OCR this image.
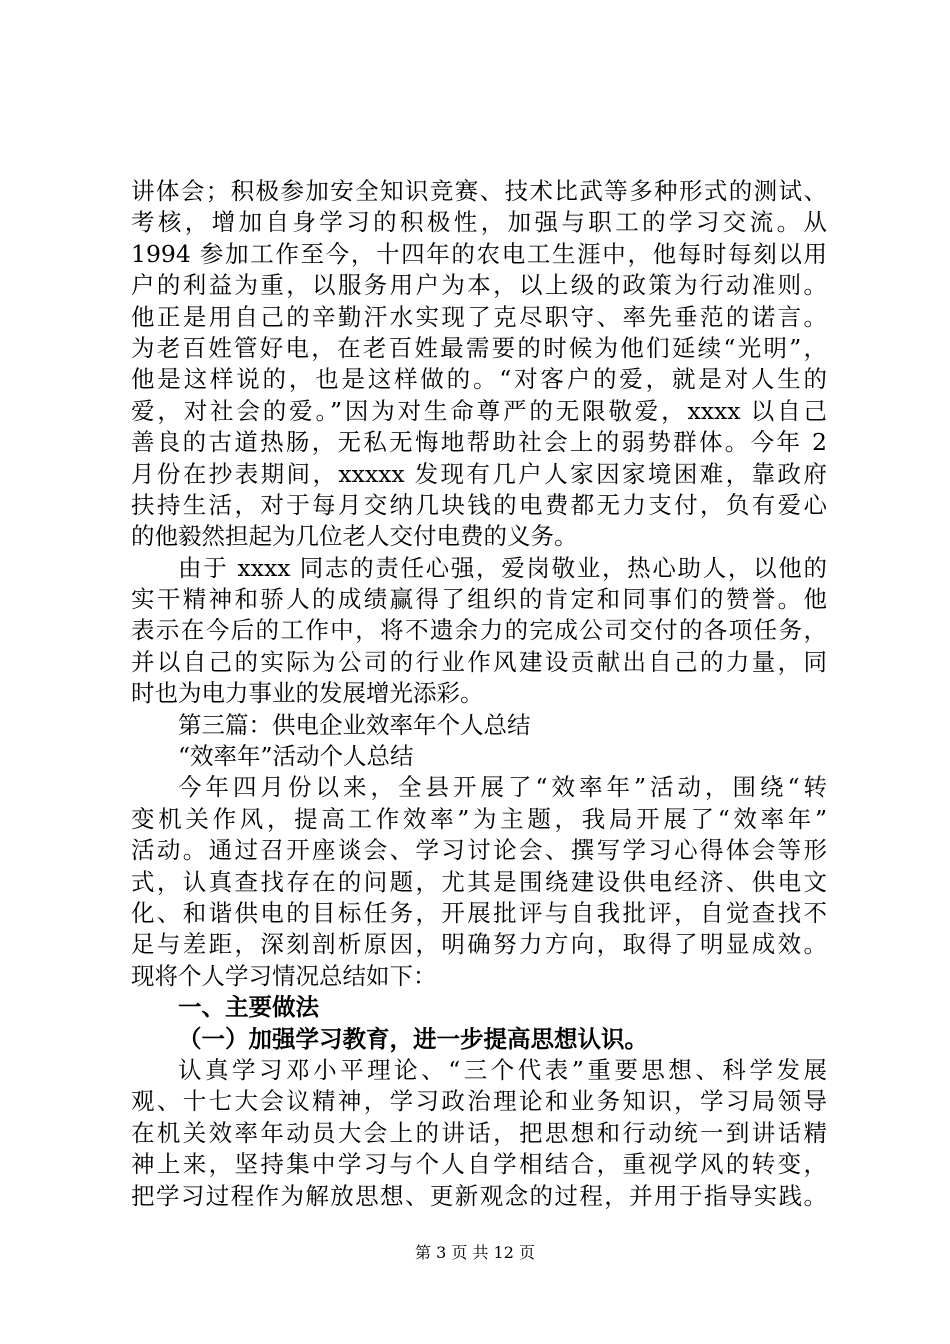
讲体会；积极参加安全知识竞赛、技术比武等多种形式的测试、
考核，增加自身学习的积极性，加强与职工的学习交流。从
1994 参加工作至今，十四年的农电工生涯中，他每时每刻以用
户的利益为重，以服务用户为本，以上级的政策为行动准则。
他正是用自己的辛勤汗水实现了克尽职守、率先垂范的诺言。
为老百姓管好电，在老百姓最需要的时候为他们延续“光明”，
他是这样说的，也是这样做的。“对客户的爱，就是对人生的
爱，对社会的爱。”因为对生命尊严的无限敬爱，xxxx 以自己
善良的古道热肠，无私无悔地帮助社会上的弱势群体。今年 2
月份在抄表期间，xxxxx 发现有几户人家因家境困难，靠政府
扶持生活，对于每月交纳几块钱的电费都无力支付，负有爱心
的他毅然担起为几位老人交付电费的义务。
由于 xxxx 同志的责任心强，爱岗敬业，热心助人，以他的
实干精神和骄人的成绩赢得了组织的肯定和同事们的赞誉。他
表示在今后的工作中，将不遗余力的完成公司交付的各项任务，
并以自己的实际为公司的行业作风建设贡献出自己的力量，同
时也为电力事业的发展增光添彩。
第三篇：供电企业效率年个人总结
“效率年”活动个人总结
今年四月份以来，全县开展了“效率年”活动，围绕“转
变机关作风，提高工作效率”为主题，我局开展了“效率年”
活动。通过召开座谈会、学习讨论会、撰写学习心得体会等形
式，认真查找存在的问题，尤其是围绕建设供电经济、供电文
化、和谐供电的目标任务，开展批评与自我批评，自觉查找不
足与差距，深刻剖析原因，明确努力方向，取得了明显成效。
现将个人学习情况总结如下：
一、主要做法
（一）加强学习教育，进一步提高思想认识。
认真学习邓小平理论、“三个代表”重要思想、科学发展
观、十七大会议精神，学习政治理论和业务知识，学习局领导
在机关效率年动员大会上的讲话，把思想和行动统一到讲话精
神上来，坚持集中学习与个人自学相结合，重视学风的转变，
把学习过程作为解放思想、更新观念的过程，并用于指导实践。
第 3 页 共 12 页
